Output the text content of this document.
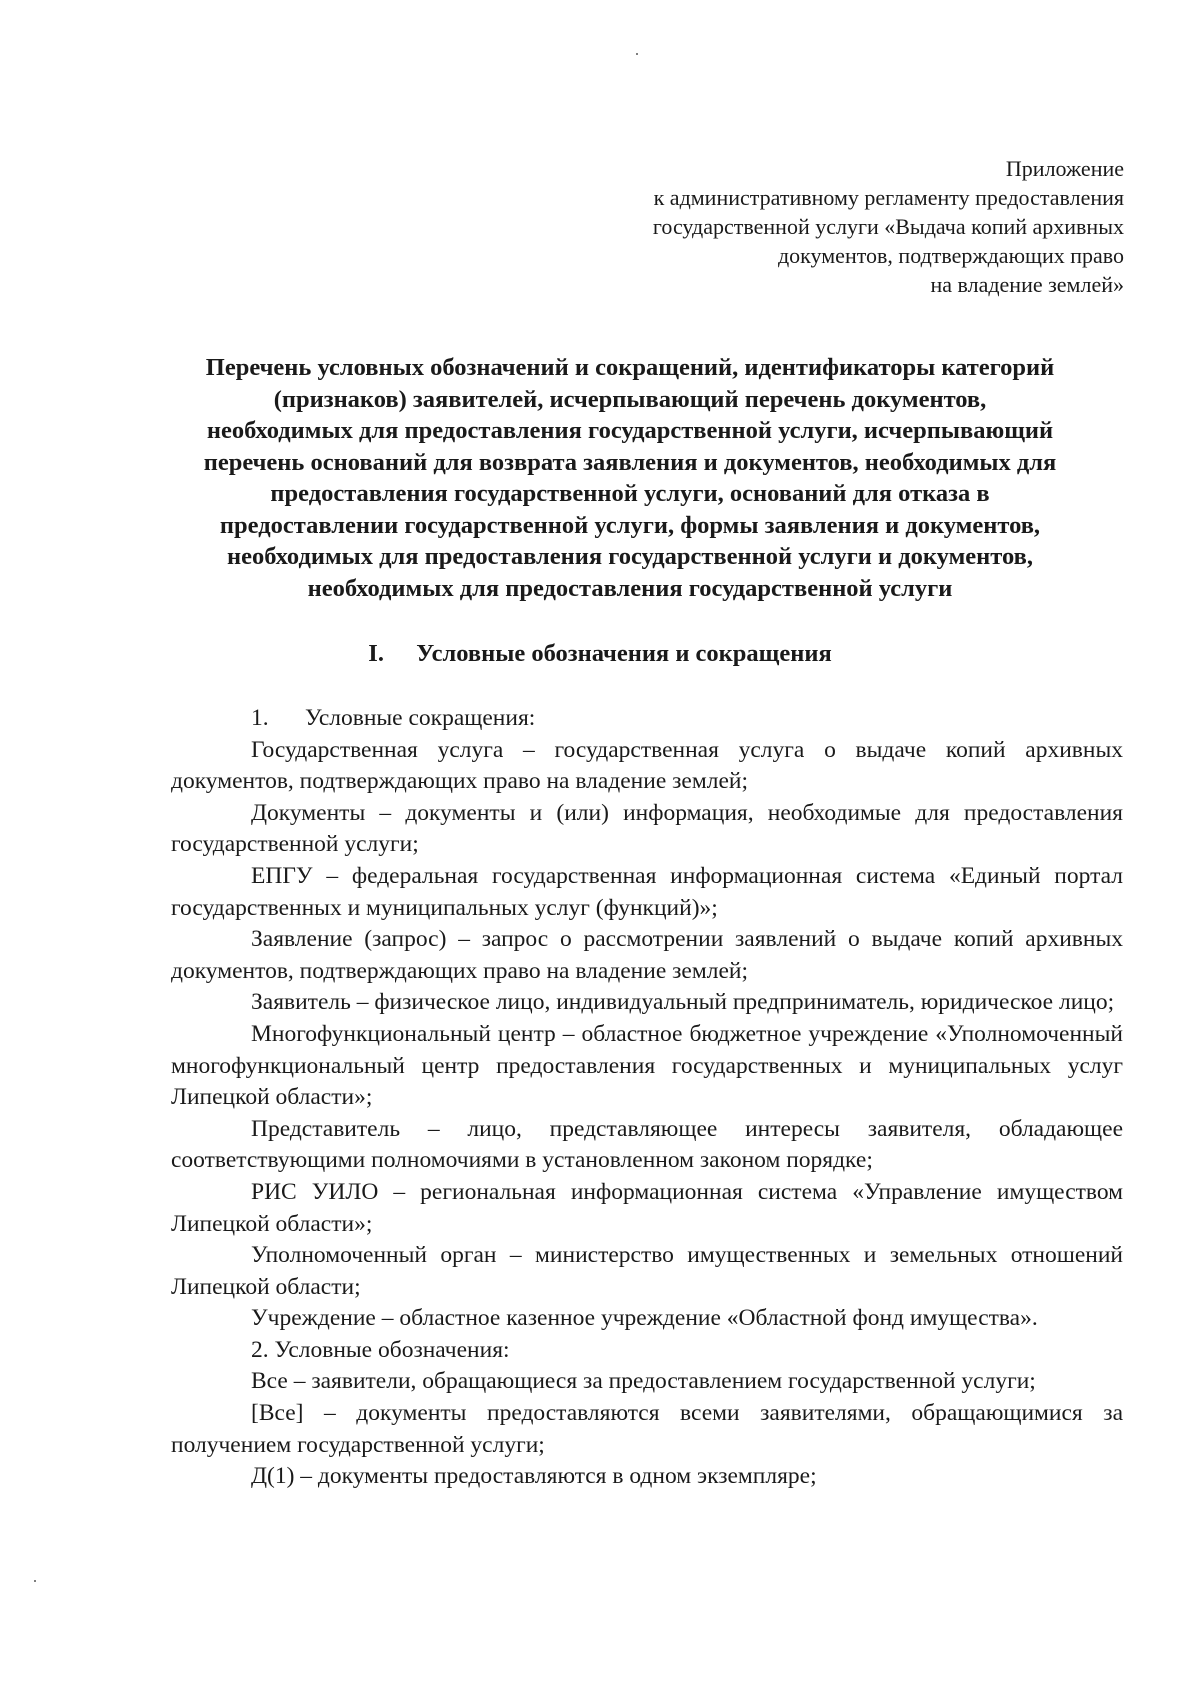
Приложение
к административному регламенту предоставления
государственной услуги «Выдача копий архивных
документов, подтверждающих право
на владение землей»
Перечень условных обозначений и сокращений, идентификаторы категорий
(признаков) заявителей, исчерпывающий перечень документов,
необходимых для предоставления государственной услуги, исчерпывающий
перечень оснований для возврата заявления и документов, необходимых для
предоставления государственной услуги, оснований для отказа в
предоставлении государственной услуги, формы заявления и документов,
необходимых для предоставления государственной услуги и документов,
необходимых для предоставления государственной услуги
I. Условные обозначения и сокращения

1. Условные сокращения:

Государственная услуга – государственная услуга о выдаче копий архивных документов, подтверждающих право на владение землей;

Документы – документы и (или) информация, необходимые для предоставления государственной услуги;

ЕПГУ – федеральная государственная информационная система «Единый портал государственных и муниципальных услуг (функций)»;

Заявление (запрос) – запрос о рассмотрении заявлений о выдаче копий архивных документов, подтверждающих право на владение землей;

Заявитель – физическое лицо, индивидуальный предприниматель, юридическое лицо;

Многофункциональный центр – областное бюджетное учреждение «Уполномоченный многофункциональный центр предоставления государственных и муниципальных услуг Липецкой области»;

Представитель – лицо, представляющее интересы заявителя, обладающее соответствующими полномочиями в установленном законом порядке;

РИС УИЛО – региональная информационная система «Управление имуществом Липецкой области»;

Уполномоченный орган – министерство имущественных и земельных отношений Липецкой области;

Учреждение – областное казенное учреждение «Областной фонд имущества».

2. Условные обозначения:

Все – заявители, обращающиеся за предоставлением государственной услуги;

[Все] – документы предоставляются всеми заявителями, обращающимися за получением государственной услуги;

Д(1) – документы предоставляются в одном экземпляре;
